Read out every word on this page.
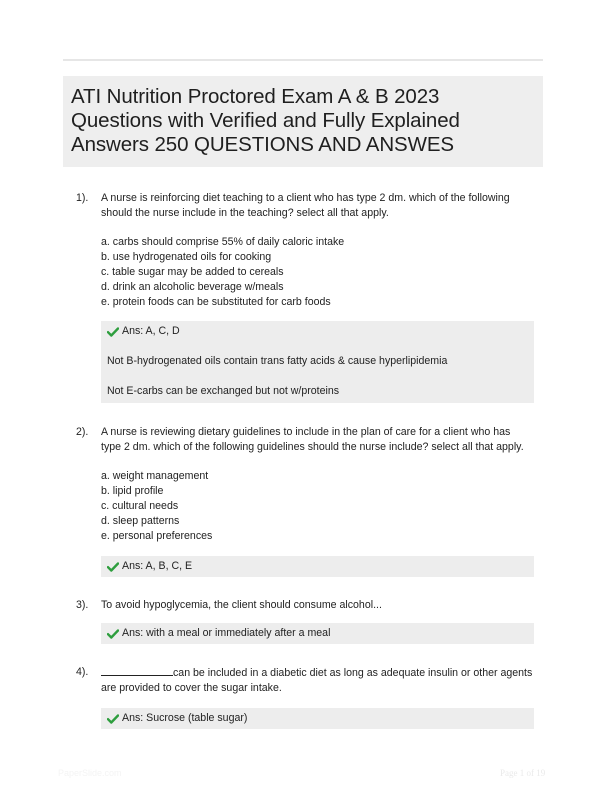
ATI Nutrition Proctored Exam A & B 2023 Questions with Verified and Fully Explained Answers 250 QUESTIONS AND ANSWES
1). A nurse is reinforcing diet teaching to a client who has type 2 dm. which of the following should the nurse include in the teaching? select all that apply.
a. carbs should comprise 55% of daily caloric intake
b. use hydrogenated oils for cooking
c. table sugar may be added to cereals
d. drink an alcoholic beverage w/meals
e. protein foods can be substituted for carb foods
Ans: A, C, D
Not B-hydrogenated oils contain trans fatty acids & cause hyperlipidemia
Not E-carbs can be exchanged but not w/proteins
2). A nurse is reviewing dietary guidelines to include in the plan of care for a client who has type 2 dm. which of the following guidelines should the nurse include? select all that apply.
a. weight management
b. lipid profile
c. cultural needs
d. sleep patterns
e. personal preferences
Ans: A, B, C, E
3). To avoid hypoglycemia, the client should consume alcohol...
Ans: with a meal or immediately after a meal
4).	can be included in a diabetic diet as long as adequate insulin or other agents are provided to cover the sugar intake.
Ans: Sucrose (table sugar)
PaperSlide.com	Page 1 of 19
